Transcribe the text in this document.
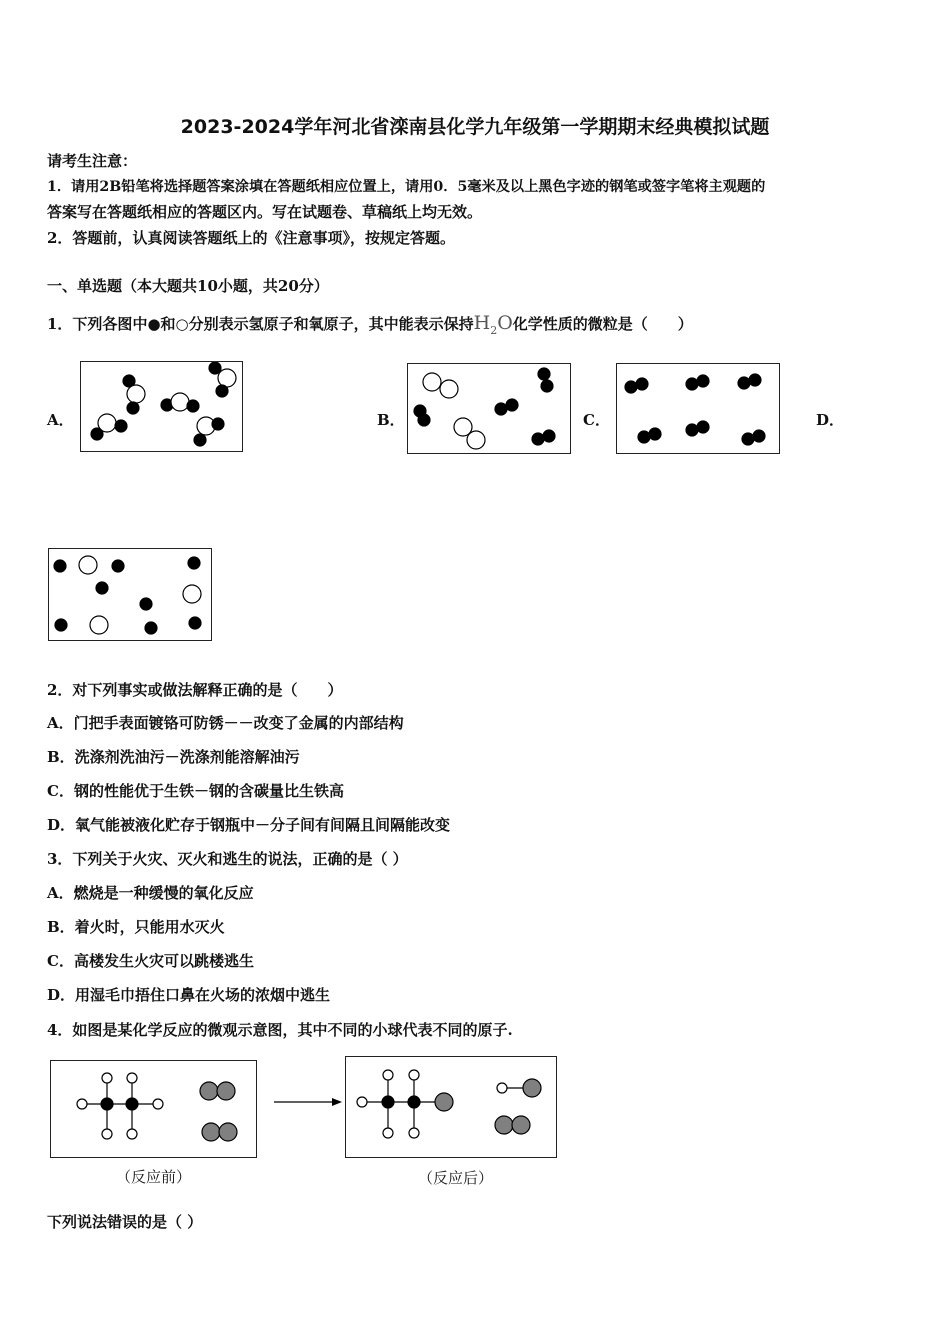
2023-2024学年河北省滦南县化学九年级第一学期期末经典模拟试题
请考生注意：
1．请用2B铅笔将选择题答案涂填在答题纸相应位置上，请用0．5毫米及以上黑色字迹的钢笔或签字笔将主观题的
答案写在答题纸相应的答题区内。写在试题卷、草稿纸上均无效。
2．答题前，认真阅读答题纸上的《注意事项》，按规定答题。
一、单选题（本大题共10小题，共20分）
1．下列各图中●和○分别表示氢原子和氧原子，其中能表示保持$H_2O$化学性质的微粒是（　　）
A．	B．	C．	D．
2．对下列事实或做法解释正确的是（　　）
A．门把手表面镀铬可防锈－－改变了金属的内部结构
B．洗涤剂洗油污－洗涤剂能溶解油污
C．钢的性能优于生铁－钢的含碳量比生铁高
D．氧气能被液化贮存于钢瓶中－分子间有间隔且间隔能改变
3．下列关于火灾、灭火和逃生的说法，正确的是（ ）
A．燃烧是一种缓慢的氧化反应
B．着火时，只能用水灭火
C．高楼发生火灾可以跳楼逃生
D．用湿毛巾捂住口鼻在火场的浓烟中逃生
4．如图是某化学反应的微观示意图，其中不同的小球代表不同的原子.
（反应前）	（反应后）
下列说法错误的是（ ）
